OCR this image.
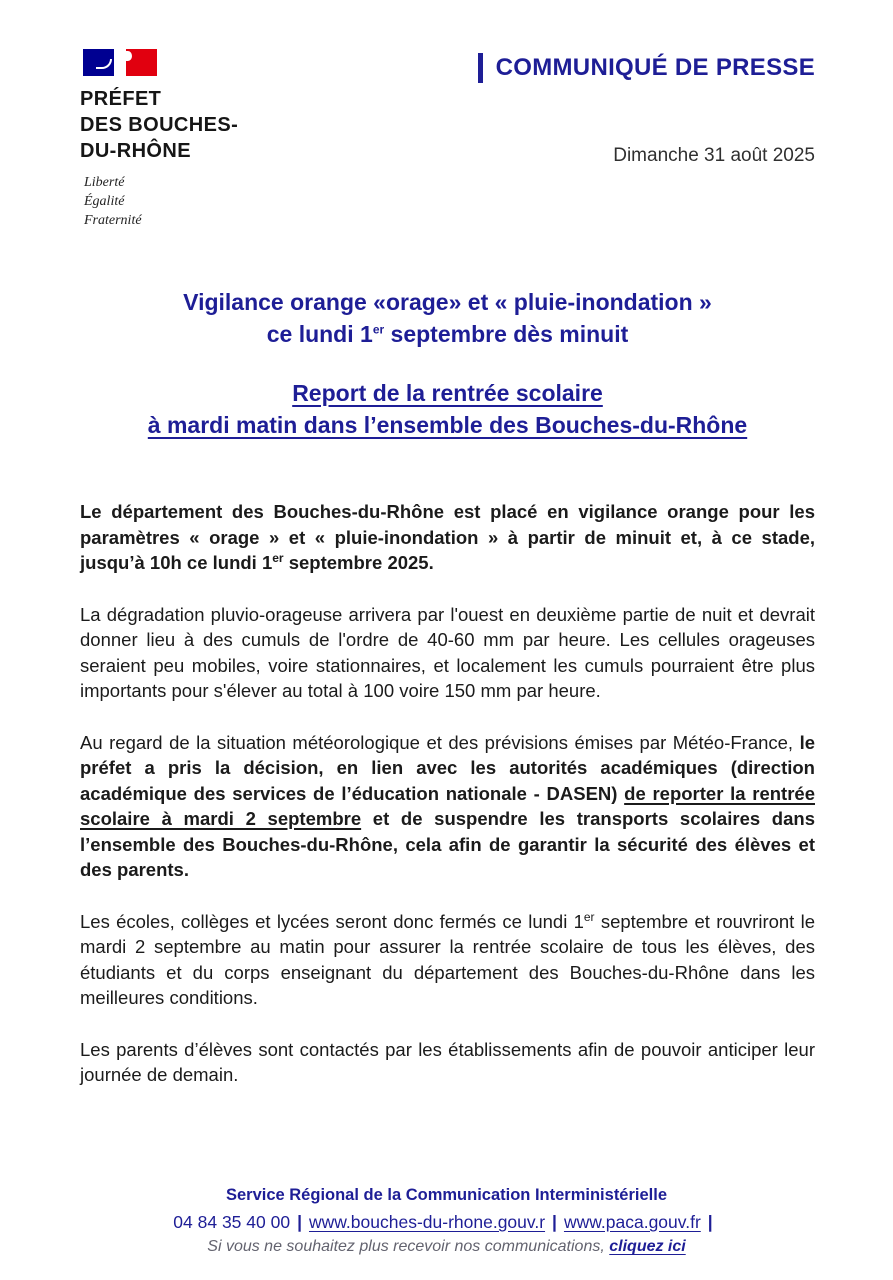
PRÉFET
DES BOUCHES-
DU-RHÔNE
Liberté
Égalité
Fraternité
COMMUNIQUÉ DE PRESSE
Dimanche 31 août 2025
Vigilance orange «orage» et « pluie-inondation »
ce lundi 1er septembre dès minuit
Report de la rentrée scolaire
à mardi matin dans l’ensemble des Bouches-du-Rhône

Le département des Bouches-du-Rhône est placé en vigilance orange pour les paramètres « orage » et « pluie-inondation » à partir de minuit et, à ce stade, jusqu’à 10h ce lundi 1er septembre 2025.

La dégradation pluvio-orageuse arrivera par l'ouest en deuxième partie de nuit et devrait donner lieu à des cumuls de l'ordre de 40-60 mm par heure. Les cellules orageuses seraient peu mobiles, voire stationnaires, et localement les cumuls pourraient être plus importants pour s'élever au total à 100 voire 150 mm par heure.

Au regard de la situation météorologique et des prévisions émises par Météo-France, le préfet a pris la décision, en lien avec les autorités académiques (direction académique des services de l’éducation nationale - DASEN) de reporter la rentrée scolaire à mardi 2 septembre et de suspendre les transports scolaires dans l’ensemble des Bouches-du-Rhône, cela afin de garantir la sécurité des élèves et des parents.

Les écoles, collèges et lycées seront donc fermés ce lundi 1er septembre et rouvriront le mardi 2 septembre au matin pour assurer la rentrée scolaire de tous les élèves, des étudiants et du corps enseignant du département des Bouches-du-Rhône dans les meilleures conditions.

Les parents d’élèves sont contactés par les établissements afin de pouvoir anticiper leur journée de demain.

Service Régional de la Communication Interministérielle
04 84 35 40 00 | www.bouches-du-rhone.gouv.r | www.paca.gouv.fr |
Si vous ne souhaitez plus recevoir nos communications, cliquez ici
